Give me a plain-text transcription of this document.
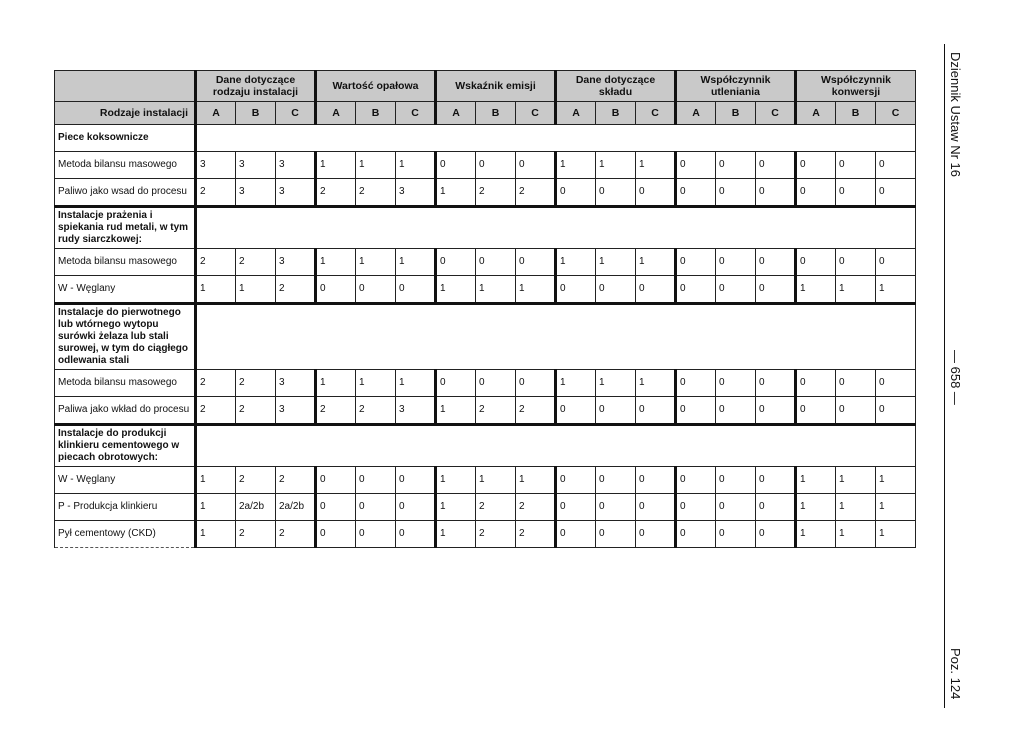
	Dane dotyczące rodzaju instalacji			Wartość opałowa			Wskaźnik emisji			Dane dotyczące składu			Współczynnik utleniania			Współczynnik konwersji		
Rodzaje instalacji	A	B	C	A	B	C	A	B	C	A	B	C	A	B	C	A	B	C
Piece koksownicze																		
Metoda bilansu masowego	3	3	3	1	1	1	0	0	0	1	1	1	0	0	0	0	0	0
Paliwo jako wsad do procesu	2	3	3	2	2	3	1	2	2	0	0	0	0	0	0	0	0	0
Instalacje prażenia i spiekania rud metali, w tym rudy siarczkowej:																		
Metoda bilansu masowego	2	2	3	1	1	1	0	0	0	1	1	1	0	0	0	0	0	0
W - Węglany	1	1	2	0	0	0	1	1	1	0	0	0	0	0	0	1	1	1
Instalacje do pierwotnego lub wtórnego wytopu surówki żelaza lub stali surowej, w tym do ciągłego odlewania stali																		
Metoda bilansu masowego	2	2	3	1	1	1	0	0	0	1	1	1	0	0	0	0	0	0
Paliwa jako wkład do procesu	2	2	3	2	2	3	1	2	2	0	0	0	0	0	0	0	0	0
Instalacje do produkcji klinkieru cementowego w piecach obrotowych:																		
W - Węglany	1	2	2	0	0	0	1	1	1	0	0	0	0	0	0	1	1	1
P - Produkcja klinkieru	1	2a/2b	2a/2b	0	0	0	1	2	2	0	0	0	0	0	0	1	1	1
Pył cementowy (CKD)	1	2	2	0	0	0	1	2	2	0	0	0	0	0	0	1	1	1
Dziennik Ustaw Nr 16
— 658 —
Poz. 124
